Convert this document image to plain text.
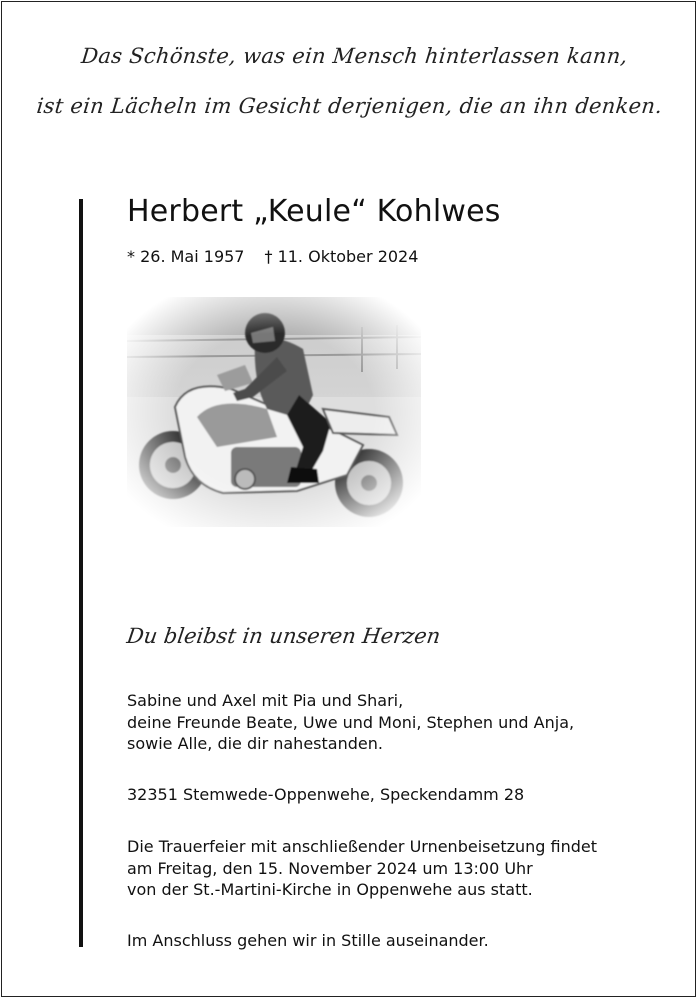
Das Schönste, was ein Mensch hinterlassen kann,
ist ein Lächeln im Gesicht derjenigen, die an ihn denken.
Herbert „Keule“ Kohlwes
* 26. Mai 1957 † 11. Oktober 2024
Du bleibst in unseren Herzen
Sabine und Axel mit Pia und Shari,
deine Freunde Beate, Uwe und Moni, Stephen und Anja,
sowie Alle, die dir nahestanden.
32351 Stemwede-Oppenwehe, Speckendamm 28
Die Trauerfeier mit anschließender Urnenbeisetzung findet
am Freitag, den 15. November 2024 um 13:00 Uhr
von der St.-Martini-Kirche in Oppenwehe aus statt.
Im Anschluss gehen wir in Stille auseinander.
